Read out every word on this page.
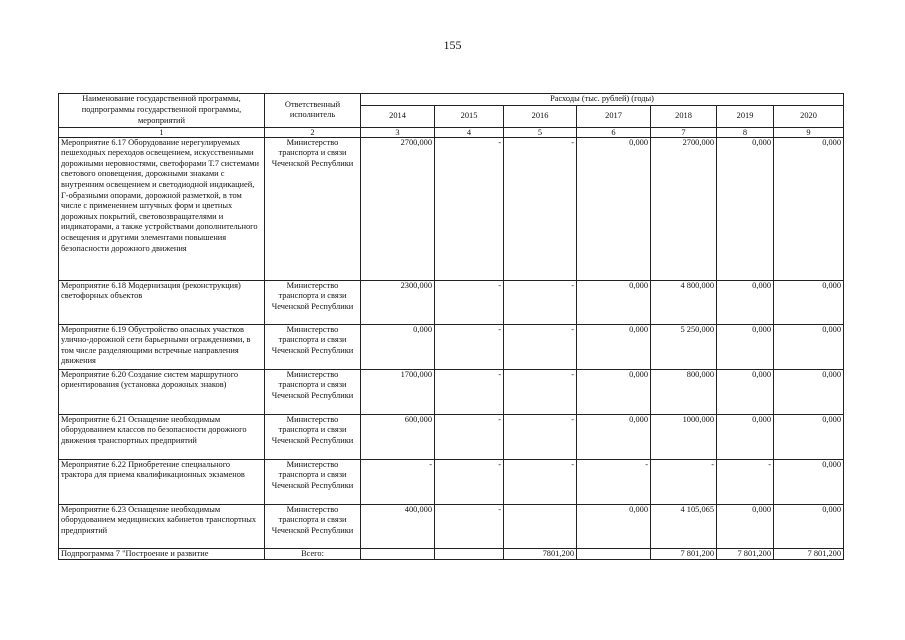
155
Наименование государственной программы, подпрограммы государственной программы, мероприятий	Ответственный исполнитель	Расходы (тыс. рублей) (годы)						
		2014	2015	2016	2017	2018	2019	2020
1	2	3	4	5	6	7	8	9
Мероприятие 6.17 Оборудование нерегулируемых пешеходных переходов освещением, искусственными дорожными неровностями, светофорами Т.7 системами светового оповещения, дорожными знаками с внутренним освещением и светодиодной индикацией, Г-образными опорами, дорожной разметкой, в том числе с применением штучных форм и цветных дорожных покрытий, световозвращателями и индикаторами, а также устройствами дополнительного освещения и другими элементами повышения безопасности дорожного движения	Министерство транспорта и связи Чеченской Республики	2700,000	-	-	0,000	2700,000	0,000	0,000
Мероприятие 6.18 Модернизация (реконструкция) светофорных объектов	Министерство транспорта и связи Чеченской Республики	2300,000	-	-	0,000	4 800,000	0,000	0,000
Мероприятие 6.19 Обустройство опасных участков улично-дорожной сети барьерными ограждениями, в том числе разделяющими встречные направления движения	Министерство транспорта и связи Чеченской Республики	0,000	-	-	0,000	5 250,000	0,000	0,000
Мероприятие 6.20 Создание систем маршрутного ориентирования (установка дорожных знаков)	Министерство транспорта и связи Чеченской Республики	1700,000	-	-	0,000	800,000	0,000	0,000
Мероприятие 6.21 Оснащение необходимым оборудованием классов по безопасности дорожного движения транспортных предприятий	Министерство транспорта и связи Чеченской Республики	600,000	-	-	0,000	1000,000	0,000	0,000
Мероприятие 6.22 Приобретение специального трактора для приема квалификационных экзаменов	Министерство транспорта и связи Чеченской Республики	-	-	-	-	-	-	0,000
Мероприятие 6.23 Оснащение необходимым оборудованием медицинских кабинетов транспортных предприятий	Министерство транспорта и связи Чеченской Республики	400,000	-		0,000	4 105,065	0,000	0,000
Подпрограмма 7 "Построение и развитие	Всего:			7801,200		7 801,200	7 801,200	7 801,200
